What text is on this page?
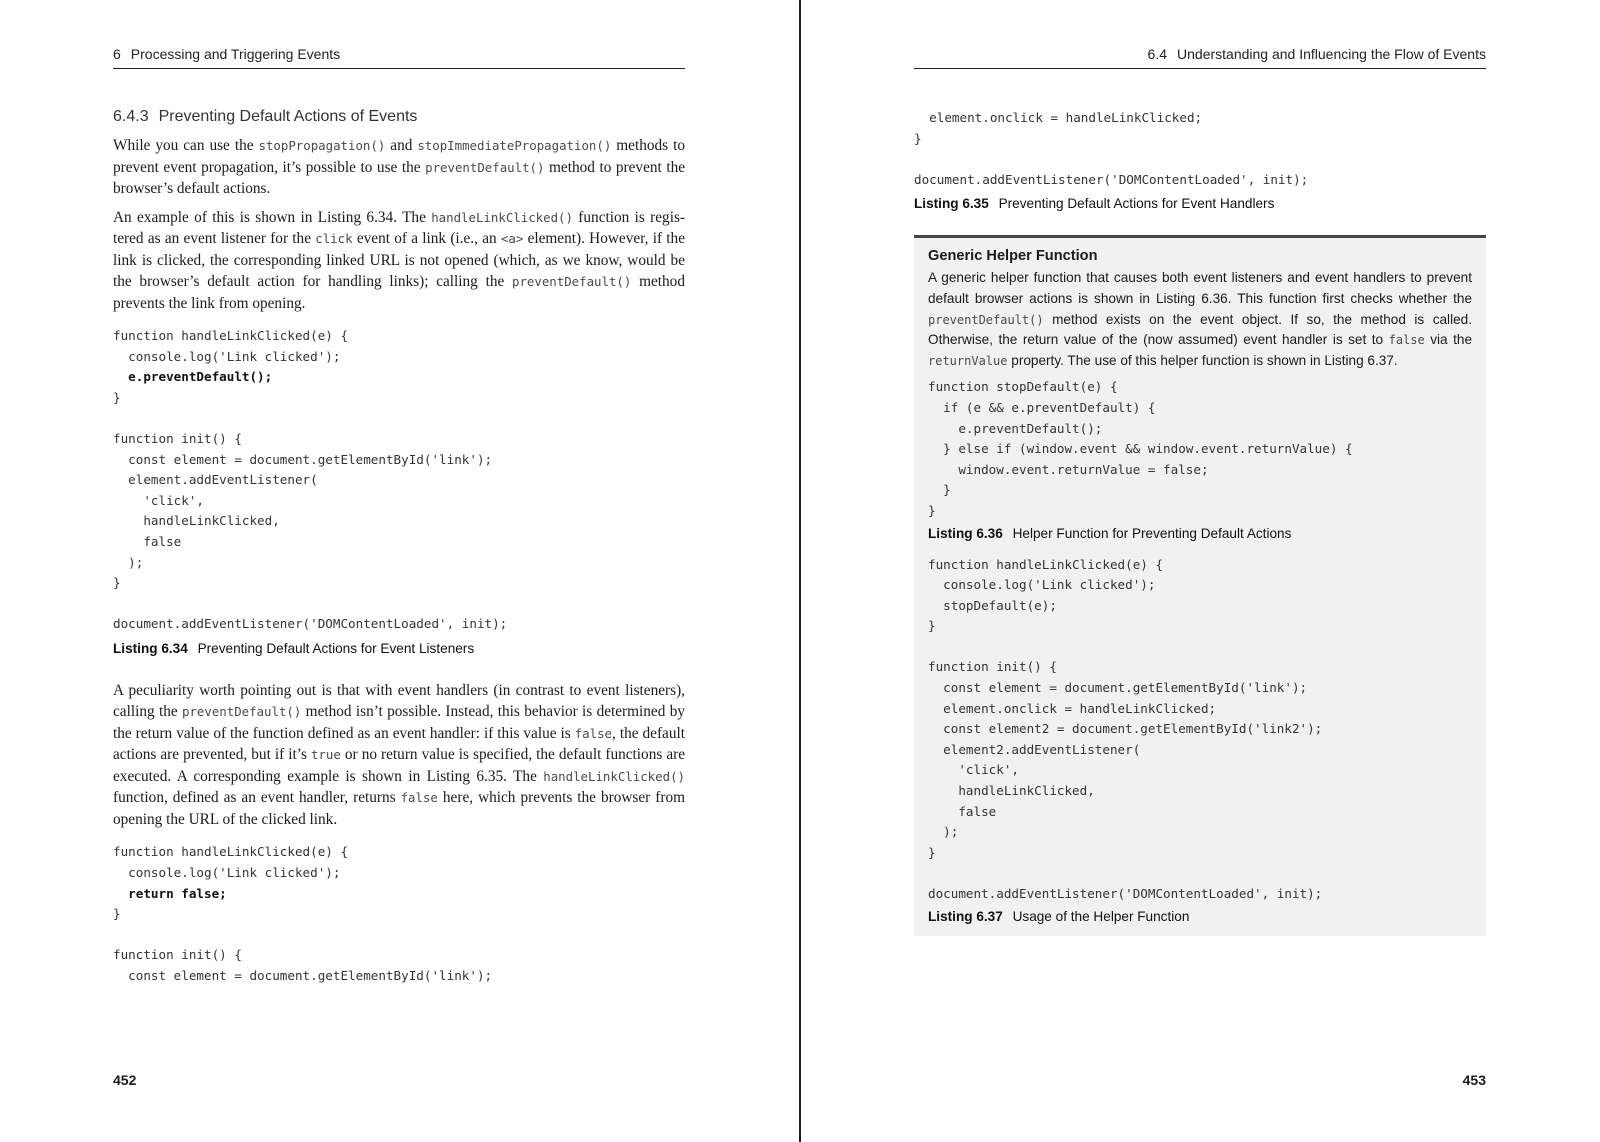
6 Processing and Triggering Events
6.4.3 Preventing Default Actions of Events

While you can use the stopPropagation() and stopImmediatePropagation() methods to prevent event propagation, it’s possible to use the preventDefault() method to prevent the browser’s default actions.

An example of this is shown in Listing 6.34. The handleLinkClicked() function is registered as an event listener for the click event of a link (i.e., an <a> element). However, if the link is clicked, the corresponding linked URL is not opened (which, as we know, would be the browser’s default action for handling links); calling the preventDefault() method prevents the link from opening.

function handleLinkClicked(e) {
console.log('Link clicked');
e.preventDefault();
}
function init() {
const element = document.getElementById('link');
element.addEventListener(
'click',
handleLinkClicked,
false
);
}
document.addEventListener('DOMContentLoaded', init);
Listing 6.34 Preventing Default Actions for Event Listeners

A peculiarity worth pointing out is that with event handlers (in contrast to event listeners), calling the preventDefault() method isn’t possible. Instead, this behavior is determined by the return value of the function defined as an event handler: if this value is false, the default actions are prevented, but if it’s true or no return value is specified, the default functions are executed. A corresponding example is shown in Listing 6.35. The handleLinkClicked() function, defined as an event handler, returns false here, which prevents the browser from opening the URL of the clicked link.

function handleLinkClicked(e) {
console.log('Link clicked');
return false;
}
function init() {
const element = document.getElementById('link');
452
6.4 Understanding and Influencing the Flow of Events
element.onclick = handleLinkClicked;
}
document.addEventListener('DOMContentLoaded', init);
Listing 6.35 Preventing Default Actions for Event Handlers
Generic Helper Function

A generic helper function that causes both event listeners and event handlers to prevent default browser actions is shown in Listing 6.36. This function first checks whether the preventDefault() method exists on the event object. If so, the method is called. Otherwise, the return value of the (now assumed) event handler is set to false via the returnValue property. The use of this helper function is shown in Listing 6.37.

function stopDefault(e) {
if (e && e.preventDefault) {
e.preventDefault();
} else if (window.event && window.event.returnValue) {
window.event.returnValue = false;
}
}
Listing 6.36 Helper Function for Preventing Default Actions
function handleLinkClicked(e) {
console.log('Link clicked');
stopDefault(e);
}
function init() {
const element = document.getElementById('link');
element.onclick = handleLinkClicked;
const element2 = document.getElementById('link2');
element2.addEventListener(
'click',
handleLinkClicked,
false
);
}
document.addEventListener('DOMContentLoaded', init);
Listing 6.37 Usage of the Helper Function
453
